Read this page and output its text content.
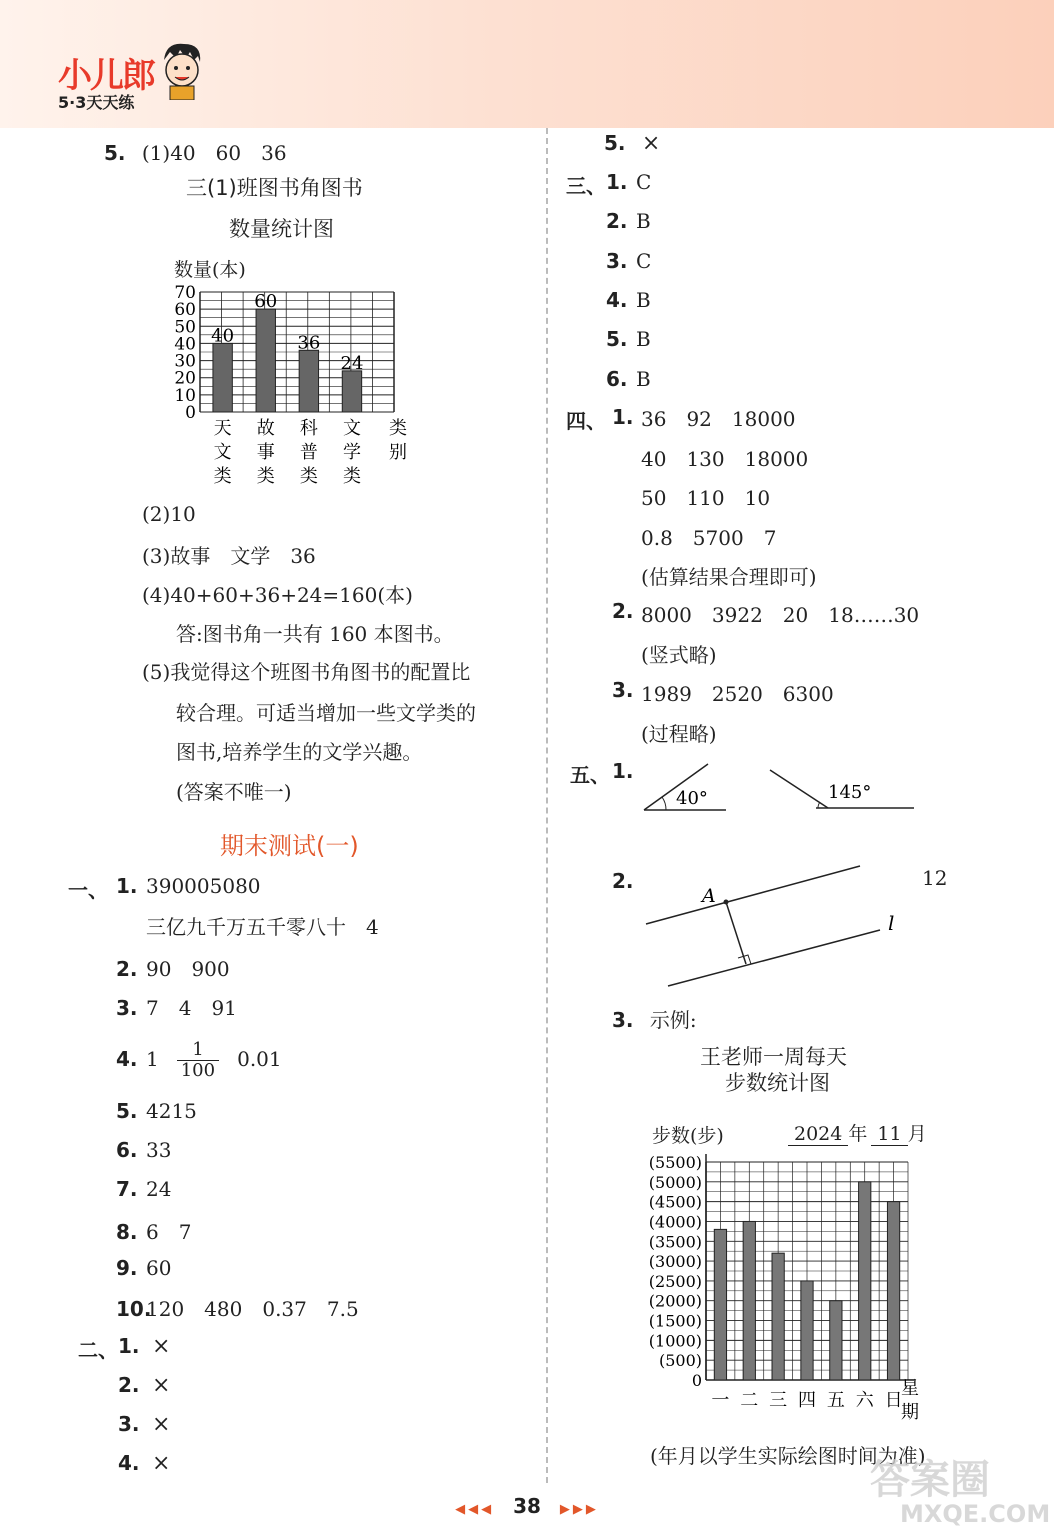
小儿郎
5·3天天练
5. (1)40　60　36
三(1)班图书角图书
数量统计图
数量(本)
70
60
50
40
30
20
10
0
40
天
文
类
60
故
事
类
36
科
普
类
24
文
学
类
类
别
(2)10
(3)故事　文学　36
(4)40+60+36+24=160(本)
答:图书角一共有 160 本图书。
(5)我觉得这个班图书角图书的配置比
较合理。可适当增加一些文学类的
图书,培养学生的文学兴趣。
(答案不唯一)
期末测试(一)
一、 1. 390005080
三亿九千万五千零八十　4
2. 90　900
3. 7　4　91
4. $1 \frac{1}{100} 0.01$
5. 4215
6. 33
7. 24
8. 6　7
9. 60
10.120　480　0.37　7.5
二、 1. ×
2. ×
3. ×
4. ×
5. ×
三、 1. C
2. B
3. C
4. B
5. B
6. B
四、 1. 36　92　18000
40　130　18000
50　110　10
0.8　5700　7
(估算结果合理即可)
2. 8000　3922　20　18……30
(竖式略)
3. 1989　2520　6300
(过程略)
五、 1.
40°	145°
2.
A
l
12
3. 示例:
王老师一周每天
步数统计图
步数(步)	2024 年 11 月
(5500)
(5000)
(4500)
(4000)
(3500)
(3000)
(2500)
(2000)
(1500)
(1000)
(500)
0
一 二 三 四 五 六 日
星
期
(年月以学生实际绘图时间为准)
◀◀◀ 38 ▶▶▶
答案圈
MXQE.COM
